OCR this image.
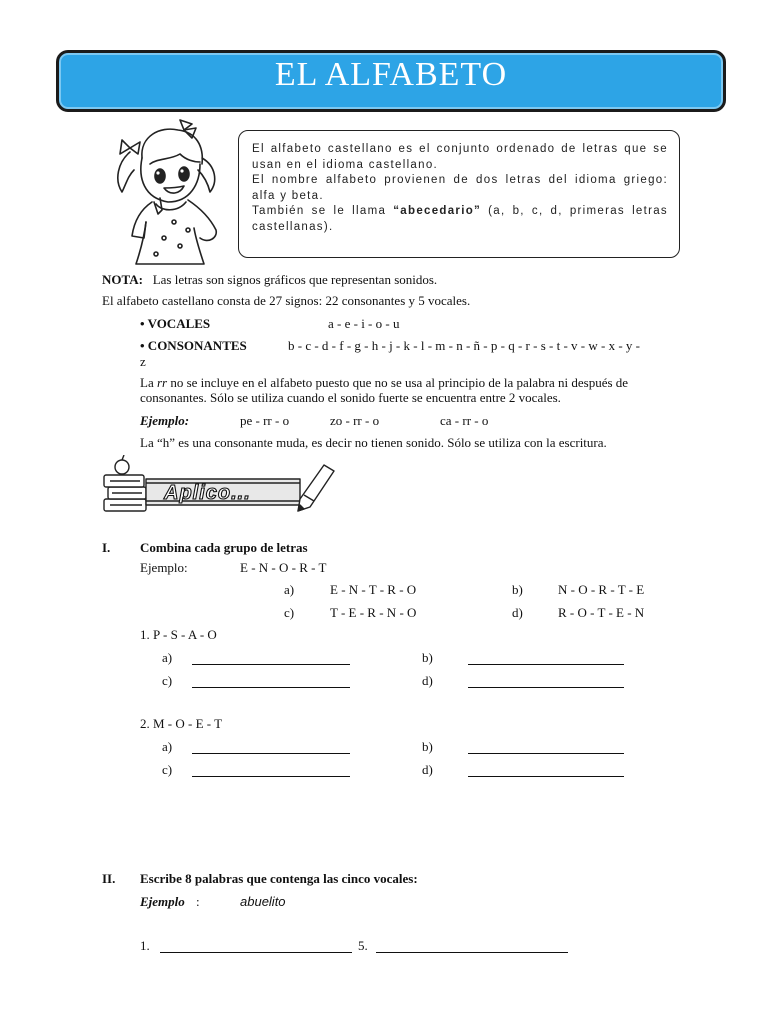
EL ALFABETO

El alfabeto castellano es el conjunto ordenado de letras que se usan en el idioma castellano.

El nombre alfabeto provienen de dos letras del idioma griego: alfa y beta.

También se le llama “abecedario” (a, b, c, d, primeras letras castellanas).

NOTA: Las letras son signos gráficos que representan sonidos.
El alfabeto castellano consta de 27 signos: 22 consonantes y 5 vocales.
• VOCALES	a - e - i - o - u
• CONSONANTES	b - c - d - f - g - h - j - k - l - m - n - ñ - p - q - r - s - t - v - w - x - y -
z
La rr no se incluye en el alfabeto puesto que no se usa al principio de la palabra ni después de
consonantes. Sólo se utiliza cuando el sonido fuerte se encuentra entre 2 vocales.
Ejemplo:	pe - rr - o	zo - rr - o	ca - rr - o
La “h” es una consonante muda, es decir no tienen sonido. Sólo se utiliza con la escritura.
Aplico...
I. Combina cada grupo de letras
Ejemplo:	E - N - O - R - T
a)	E - N - T - R - O	b)	N - O - R - T - E
c)	T - E - R - N - O	d)	R - O - T - E - N
1. P - S - A - O
a)	b)
c)	d)
2. M - O - E - T
a)	b)
c)	d)
II. Escribe 8 palabras que contenga las cinco vocales:
Ejemplo :	abuelito
1.	5.
